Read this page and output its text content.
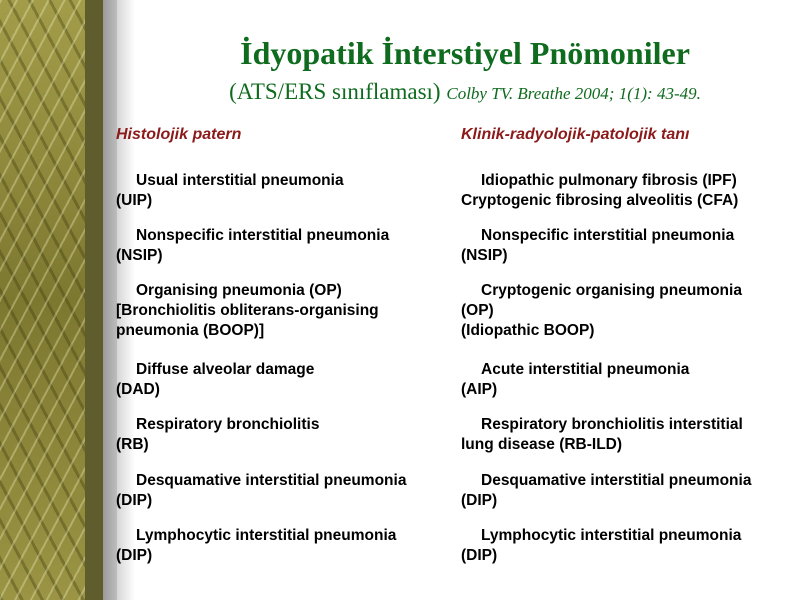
İdyopatik İnterstiyel Pnömoniler
(ATS/ERS sınıflaması) Colby TV. Breathe 2004; 1(1): 43-49.
Histolojik patern	Klinik-radyolojik-patolojik tanı
Usual interstitial pneumonia
(UIP)
Nonspecific interstitial pneumonia
(NSIP)
Organising pneumonia (OP)
[Bronchiolitis obliterans-organising
pneumonia (BOOP)]
Diffuse alveolar damage
(DAD)
Respiratory bronchiolitis
(RB)
Desquamative interstitial pneumonia
(DIP)
Lymphocytic interstitial pneumonia
(DIP)
Idiopathic pulmonary fibrosis (IPF)
Cryptogenic fibrosing alveolitis (CFA)
Nonspecific interstitial pneumonia
(NSIP)
Cryptogenic organising pneumonia
(OP)
(Idiopathic BOOP)
Acute interstitial pneumonia
(AIP)
Respiratory bronchiolitis interstitial
lung disease (RB-ILD)
Desquamative interstitial pneumonia
(DIP)
Lymphocytic interstitial pneumonia
(DIP)
